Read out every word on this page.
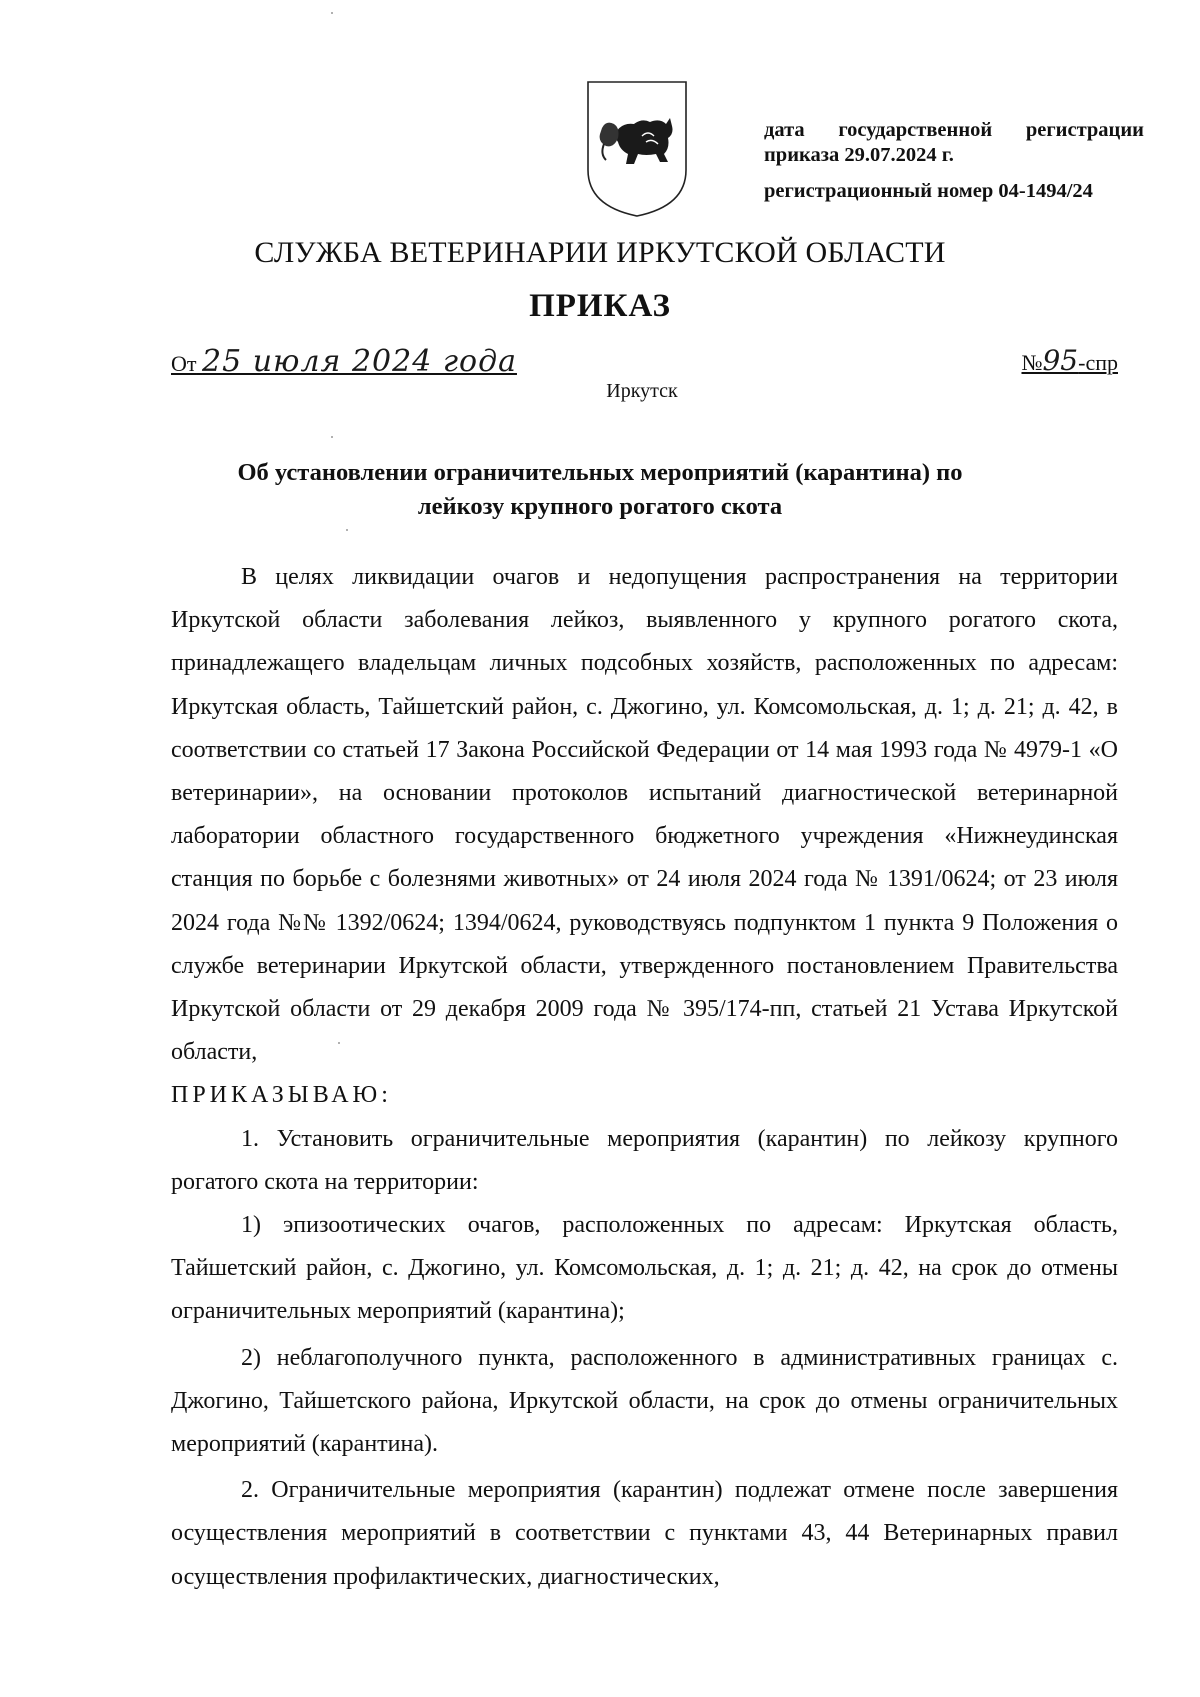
дата государственной регистрации
приказа 29.07.2024 г.
регистрационный номер 04-1494/24
СЛУЖБА ВЕТЕРИНАРИИ ИРКУТСКОЙ ОБЛАСТИ
ПРИКАЗ
От 25 июля 2024 года	№95-спр
Иркутск
Об установлении ограничительных мероприятий (карантина) по
лейкозу крупного рогатого скота

В целях ликвидации очагов и недопущения распространения на территории Иркутской области заболевания лейкоз, выявленного у крупного рогатого скота, принадлежащего владельцам личных подсобных хозяйств, расположенных по адресам: Иркутская область, Тайшетский район, с. Джогино, ул. Комсомольская, д. 1; д. 21; д. 42, в соответствии со статьей 17 Закона Российской Федерации от 14 мая 1993 года № 4979-1 «О ветеринарии», на основании протоколов испытаний диагностической ветеринарной лаборатории областного государственного бюджетного учреждения «Нижнеудинская станция по борьбе с болезнями животных» от 24 июля 2024 года № 1391/0624; от 23 июля 2024 года №№ 1392/0624; 1394/0624, руководствуясь подпунктом 1 пункта 9 Положения о службе ветеринарии Иркутской области, утвержденного постановлением Правительства Иркутской области от 29 декабря 2009 года № 395/174-пп, статьей 21 Устава Иркутской области,

ПРИКАЗЫВАЮ:

1. Установить ограничительные мероприятия (карантин) по лейкозу крупного рогатого скота на территории:

1) эпизоотических очагов, расположенных по адресам: Иркутская область, Тайшетский район, с. Джогино, ул. Комсомольская, д. 1; д. 21; д. 42, на срок до отмены ограничительных мероприятий (карантина);

2) неблагополучного пункта, расположенного в административных границах с. Джогино, Тайшетского района, Иркутской области, на срок до отмены ограничительных мероприятий (карантина).

2. Ограничительные мероприятия (карантин) подлежат отмене после завершения осуществления мероприятий в соответствии с пунктами 43, 44 Ветеринарных правил осуществления профилактических, диагностических,
